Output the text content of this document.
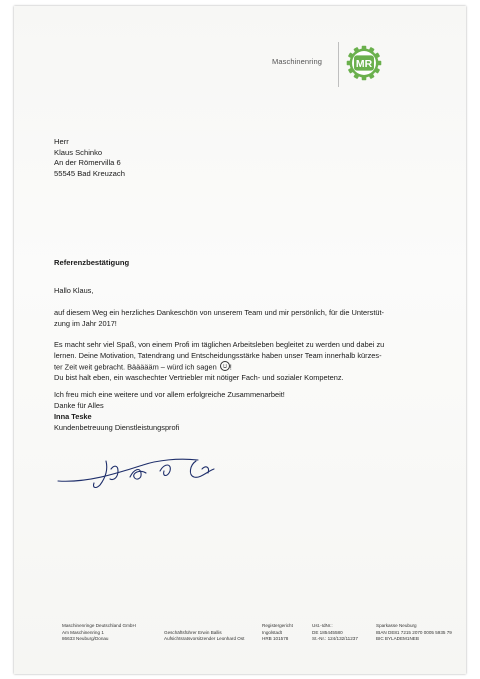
Maschinenring	MR
Herr
Klaus Schinko
An der Römervilla 6
55545 Bad Kreuzach
Referenzbestätigung
Hallo Klaus,
auf diesem Weg ein herzliches Dankeschön von unserem Team und mir persönlich, für die Unterstüt-
zung im Jahr 2017!
Es macht sehr viel Spaß, von einem Profi im täglichen Arbeitsleben begleitet zu werden und dabei zu
lernen. Deine Motivation, Tatendrang und Entscheidungsstärke haben unser Team innerhalb kürzes-
ter Zeit weit gebracht. Bäääääm – würd ich sagen !
Du bist halt eben, ein waschechter Vertriebler mit nötiger Fach- und sozialer Kompetenz.
Ich freu mich eine weitere und vor allem erfolgreiche Zusammenarbeit!
Danke für Alles
Inna Teske
Kundenbetreuung Dienstleistungsprofi
Maschinenringe Deutschland GmbH
Am Maschinenring 1
86633 Neuburg/Donau
Geschäftsführer Erwin Ballis
Aufsichtsratsvorsitzender Leonhard Ost
Registergericht
Ingolstadt
HRB 101578
Ust.-IdNr.:
DE 185445580
St.-Nr.: 124/132/11237
Sparkasse Neuburg
IBAN DE81 7215 2070 0005 5935 79
BIC BYLADEM1NEB
